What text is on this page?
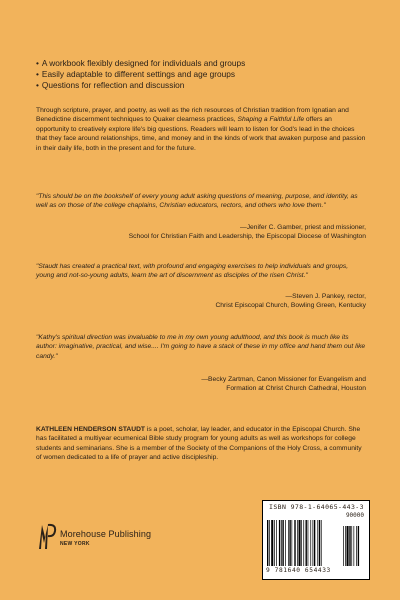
• A workbook flexibly designed for individuals and groups
• Easily adaptable to different settings and age groups
• Questions for reflection and discussion

Through scripture, prayer, and poetry, as well as the rich resources of Christian tradition from Ignatian and Benedictine discernment techniques to Quaker clearness practices, Shaping a Faithful Life offers an opportunity to creatively explore life's big questions. Readers will learn to listen for God's lead in the choices that they face around relationships, time, and money and in the kinds of work that awaken purpose and passion in their daily life, both in the present and for the future.

"This should be on the bookshelf of every young adult asking questions of meaning, purpose, and identity, as well as on those of the college chaplains, Christian educators, rectors, and others who love them."

—Jenifer C. Gamber, priest and missioner,
School for Christian Faith and Leadership, the Episcopal Diocese of Washington

"Staudt has created a practical text, with profound and engaging exercises to help individuals and groups, young and not-so-young adults, learn the art of discernment as disciples of the risen Christ."

—Steven J. Pankey, rector,
Christ Episcopal Church, Bowling Green, Kentucky

"Kathy's spiritual direction was invaluable to me in my own young adulthood, and this book is much like its author: imaginative, practical, and wise.... I'm going to have a stack of these in my office and hand them out like candy."

—Becky Zartman, Canon Missioner for Evangelism and
Formation at Christ Church Cathedral, Houston

KATHLEEN HENDERSON STAUDT is a poet, scholar, lay leader, and educator in the Episcopal Church. She has facilitated a multiyear ecumenical Bible study program for young adults as well as workshops for college students and seminarians. She is a member of the Society of the Companions of the Holy Cross, a community of women dedicated to a life of prayer and active discipleship.

Morehouse Publishing
NEW YORK
ISBN 978-1-64065-443-3
90000
9 781640 654433
